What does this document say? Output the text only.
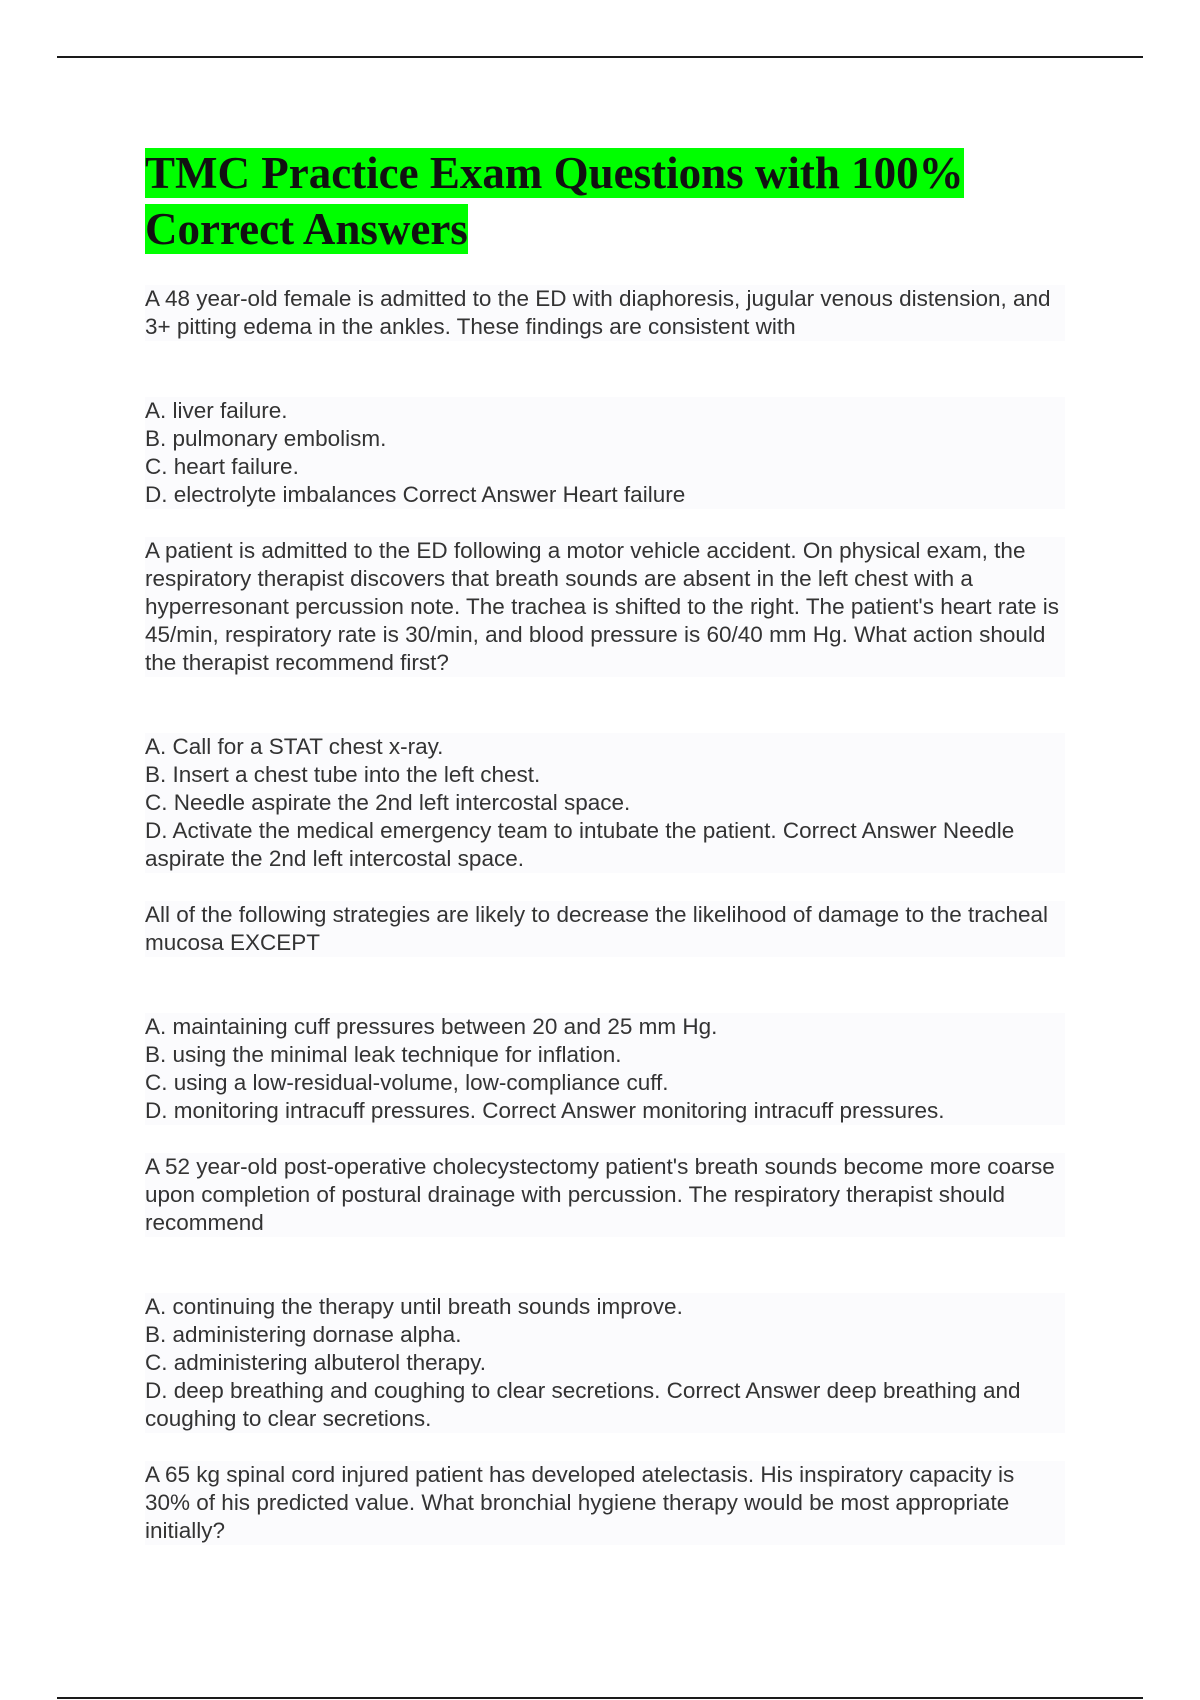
TMC Practice Exam Questions with 100% Correct Answers

A 48 year-old female is admitted to the ED with diaphoresis, jugular venous distension, and 3+ pitting edema in the ankles. These findings are consistent with

A. liver failure.

B. pulmonary embolism.

C. heart failure.

D. electrolyte imbalances Correct Answer Heart failure

A patient is admitted to the ED following a motor vehicle accident. On physical exam, the respiratory therapist discovers that breath sounds are absent in the left chest with a hyperresonant percussion note. The trachea is shifted to the right. The patient's heart rate is 45/min, respiratory rate is 30/min, and blood pressure is 60/40 mm Hg. What action should the therapist recommend first?

A. Call for a STAT chest x-ray.

B. Insert a chest tube into the left chest.

C. Needle aspirate the 2nd left intercostal space.

D. Activate the medical emergency team to intubate the patient. Correct Answer Needle aspirate the 2nd left intercostal space.

All of the following strategies are likely to decrease the likelihood of damage to the tracheal mucosa EXCEPT

A. maintaining cuff pressures between 20 and 25 mm Hg.

B. using the minimal leak technique for inflation.

C. using a low-residual-volume, low-compliance cuff.

D. monitoring intracuff pressures. Correct Answer monitoring intracuff pressures.

A 52 year-old post-operative cholecystectomy patient's breath sounds become more coarse upon completion of postural drainage with percussion. The respiratory therapist should recommend

A. continuing the therapy until breath sounds improve.

B. administering dornase alpha.

C. administering albuterol therapy.

D. deep breathing and coughing to clear secretions. Correct Answer deep breathing and coughing to clear secretions.

A 65 kg spinal cord injured patient has developed atelectasis. His inspiratory capacity is 30% of his predicted value. What bronchial hygiene therapy would be most appropriate initially?
